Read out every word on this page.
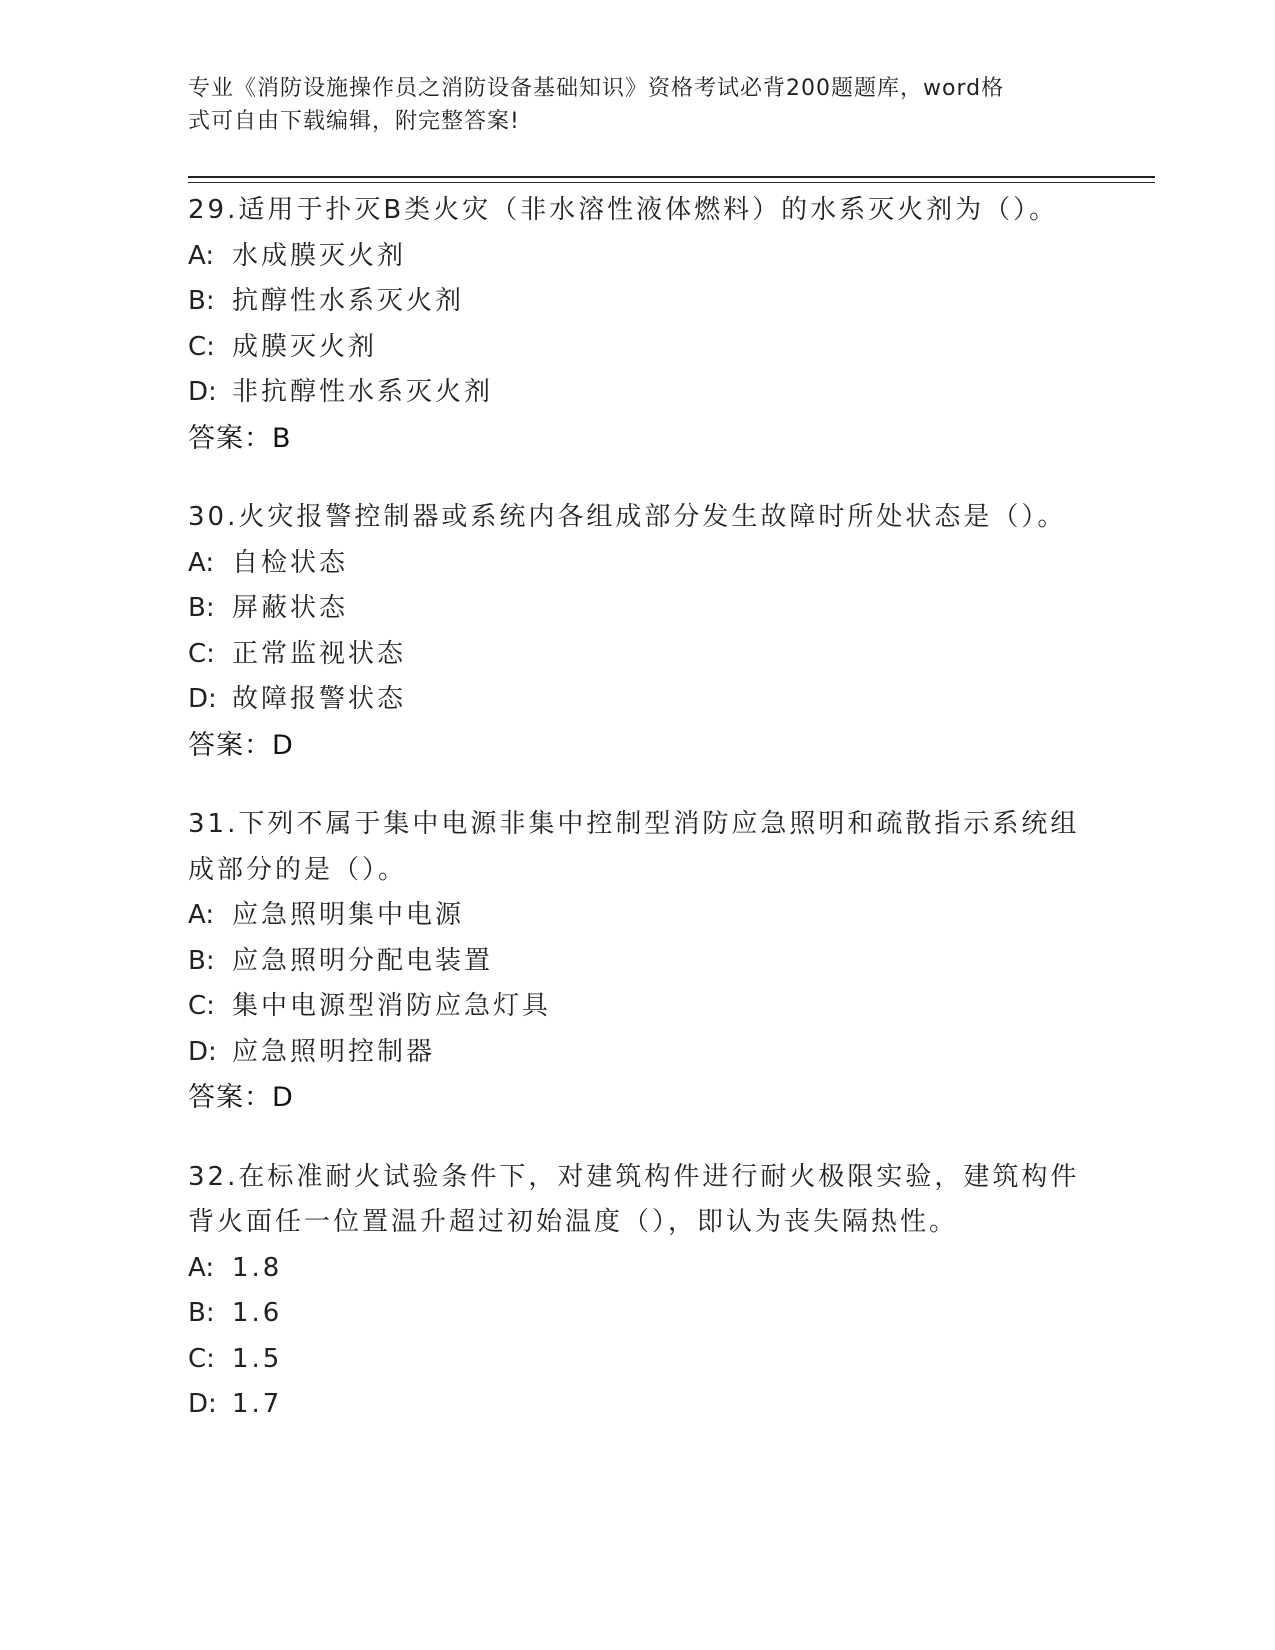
专业《消防设施操作员之消防设备基础知识》资格考试必背200题题库，word格
式可自由下载编辑，附完整答案!

29.适用于扑灭B类火灾（非水溶性液体燃料）的水系灭火剂为（）。

A: 水成膜灭火剂

B: 抗醇性水系灭火剂

C: 成膜灭火剂

D: 非抗醇性水系灭火剂

答案：B

30.火灾报警控制器或系统内各组成部分发生故障时所处状态是（）。

A: 自检状态

B: 屏蔽状态

C: 正常监视状态

D: 故障报警状态

答案：D

31.下列不属于集中电源非集中控制型消防应急照明和疏散指示系统组

成部分的是（）。

A: 应急照明集中电源

B: 应急照明分配电装置

C: 集中电源型消防应急灯具

D: 应急照明控制器

答案：D

32.在标准耐火试验条件下，对建筑构件进行耐火极限实验，建筑构件

背火面任一位置温升超过初始温度（），即认为丧失隔热性。

A: 1.8

B: 1.6

C: 1.5

D: 1.7
